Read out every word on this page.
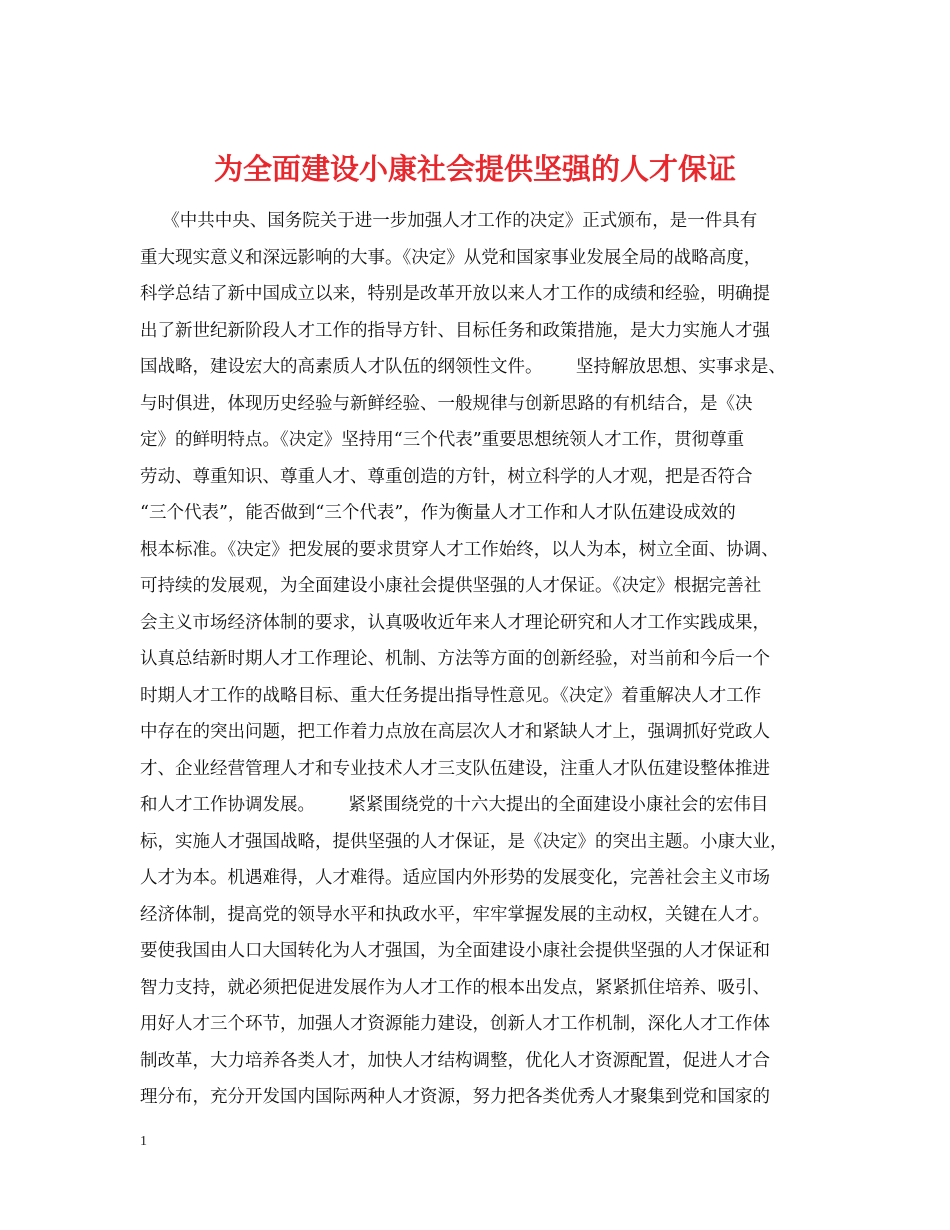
为全面建设小康社会提供坚强的人才保证
《中共中央、国务院关于进一步加强人才工作的决定》正式颁布，是一件具有
重大现实意义和深远影响的大事。《决定》从党和国家事业发展全局的战略高度，
科学总结了新中国成立以来，特别是改革开放以来人才工作的成绩和经验，明确提
出了新世纪新阶段人才工作的指导方针、目标任务和政策措施，是大力实施人才强
国战略，建设宏大的高素质人才队伍的纲领性文件。      坚持解放思想、实事求是、
与时俱进，体现历史经验与新鲜经验、一般规律与创新思路的有机结合，是《决
定》的鲜明特点。《决定》坚持用“三个代表”重要思想统领人才工作，贯彻尊重
劳动、尊重知识、尊重人才、尊重创造的方针，树立科学的人才观，把是否符合
“三个代表”，能否做到“三个代表”，作为衡量人才工作和人才队伍建设成效的
根本标准。《决定》把发展的要求贯穿人才工作始终，以人为本，树立全面、协调、
可持续的发展观，为全面建设小康社会提供坚强的人才保证。《决定》根据完善社
会主义市场经济体制的要求，认真吸收近年来人才理论研究和人才工作实践成果，
认真总结新时期人才工作理论、机制、方法等方面的创新经验，对当前和今后一个
时期人才工作的战略目标、重大任务提出指导性意见。《决定》着重解决人才工作
中存在的突出问题，把工作着力点放在高层次人才和紧缺人才上，强调抓好党政人
才、企业经营管理人才和专业技术人才三支队伍建设，注重人才队伍建设整体推进
和人才工作协调发展。      紧紧围绕党的十六大提出的全面建设小康社会的宏伟目
标，实施人才强国战略，提供坚强的人才保证，是《决定》的突出主题。小康大业，
人才为本。机遇难得，人才难得。适应国内外形势的发展变化，完善社会主义市场
经济体制，提高党的领导水平和执政水平，牢牢掌握发展的主动权，关键在人才。
要使我国由人口大国转化为人才强国，为全面建设小康社会提供坚强的人才保证和
智力支持，就必须把促进发展作为人才工作的根本出发点，紧紧抓住培养、吸引、
用好人才三个环节，加强人才资源能力建设，创新人才工作机制，深化人才工作体
制改革，大力培养各类人才，加快人才结构调整，优化人才资源配置，促进人才合
理分布，充分开发国内国际两种人才资源，努力把各类优秀人才聚集到党和国家的
1
